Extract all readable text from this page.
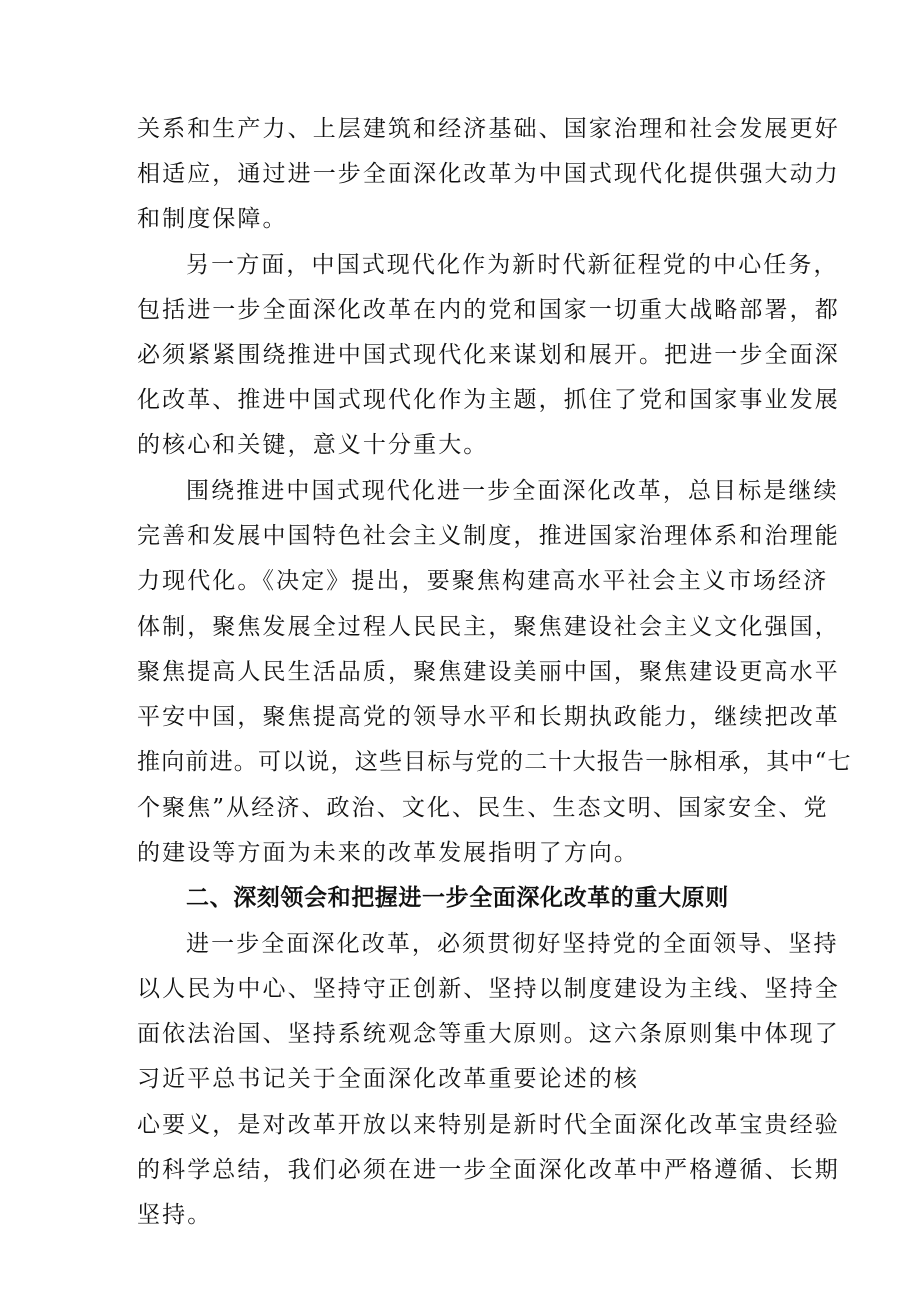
关系和生产力、上层建筑和经济基础、国家治理和社会发展更好
相适应，通过进一步全面深化改革为中国式现代化提供强大动力
和制度保障。
另一方面，中国式现代化作为新时代新征程党的中心任务，
包括进一步全面深化改革在内的党和国家一切重大战略部署，都
必须紧紧围绕推进中国式现代化来谋划和展开。把进一步全面深
化改革、推进中国式现代化作为主题，抓住了党和国家事业发展
的核心和关键，意义十分重大。
围绕推进中国式现代化进一步全面深化改革，总目标是继续
完善和发展中国特色社会主义制度，推进国家治理体系和治理能
力现代化。《决定》提出，要聚焦构建高水平社会主义市场经济
体制，聚焦发展全过程人民民主，聚焦建设社会主义文化强国，
聚焦提高人民生活品质，聚焦建设美丽中国，聚焦建设更高水平
平安中国，聚焦提高党的领导水平和长期执政能力，继续把改革
推向前进。可以说，这些目标与党的二十大报告一脉相承，其中“七
个聚焦”从经济、政治、文化、民生、生态文明、国家安全、党
的建设等方面为未来的改革发展指明了方向。
二、深刻领会和把握进一步全面深化改革的重大原则
进一步全面深化改革，必须贯彻好坚持党的全面领导、坚持
以人民为中心、坚持守正创新、坚持以制度建设为主线、坚持全
面依法治国、坚持系统观念等重大原则。这六条原则集中体现了
习近平总书记关于全面深化改革重要论述的核
心要义，是对改革开放以来特别是新时代全面深化改革宝贵经验
的科学总结，我们必须在进一步全面深化改革中严格遵循、长期
坚持。
